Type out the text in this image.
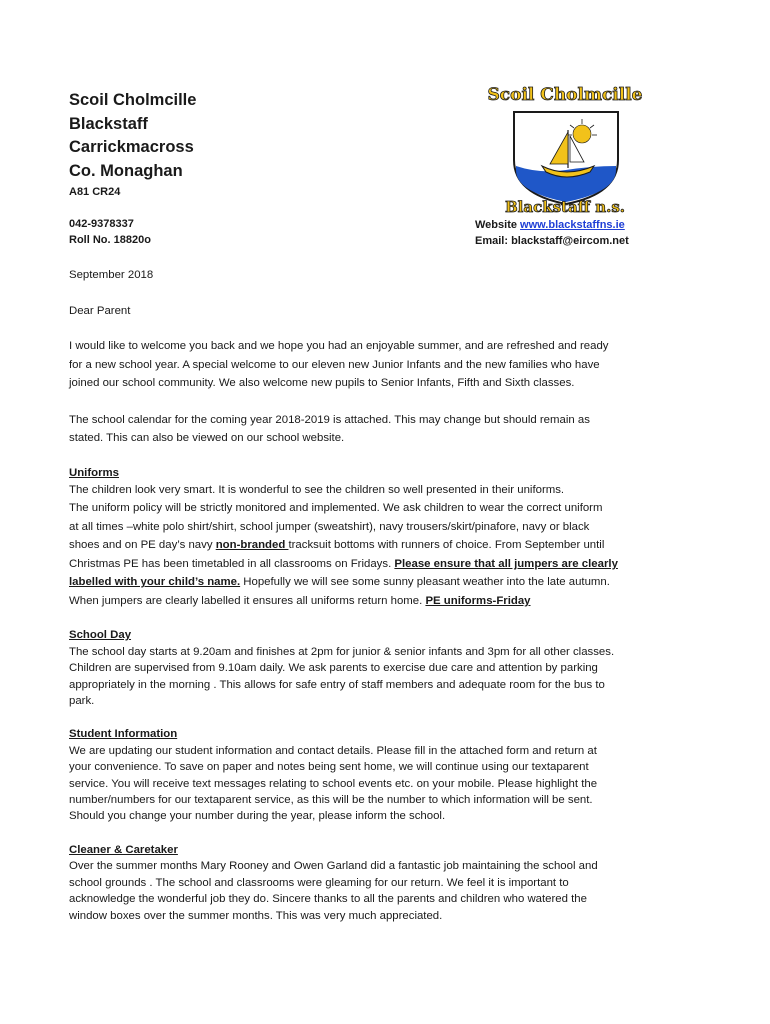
Scoil Cholmcille
Blackstaff
Carrickmacross
Co. Monaghan
A81 CR24
042-9378337
Roll No. 18820o
Scoil Cholmcille
Blackstaff n.s.
Website www.blackstaffns.ie
Email: blackstaff@eircom.net
September 2018
Dear Parent
I would like to welcome you back and we hope you had an enjoyable summer, and are refreshed and ready
for a new school year. A special welcome to our eleven new Junior Infants and the new families who have
joined our school community. We also welcome new pupils to Senior Infants, Fifth and Sixth classes.
The school calendar for the coming year 2018-2019 is attached. This may change but should remain as
stated. This can also be viewed on our school website.
Uniforms
The children look very smart. It is wonderful to see the children so well presented in their uniforms.
The uniform policy will be strictly monitored and implemented. We ask children to wear the correct uniform
at all times –white polo shirt/shirt, school jumper (sweatshirt), navy trousers/skirt/pinafore, navy or black
shoes and on PE day’s navy non-branded tracksuit bottoms with runners of choice. From September until
Christmas PE has been timetabled in all classrooms on Fridays. Please ensure that all jumpers are clearly
labelled with your child’s name. Hopefully we will see some sunny pleasant weather into the late autumn.
When jumpers are clearly labelled it ensures all uniforms return home. PE uniforms-Friday
School Day
The school day starts at 9.20am and finishes at 2pm for junior & senior infants and 3pm for all other classes.
Children are supervised from 9.10am daily. We ask parents to exercise due care and attention by parking
appropriately in the morning . This allows for safe entry of staff members and adequate room for the bus to
park.
Student Information
We are updating our student information and contact details. Please fill in the attached form and return at
your convenience. To save on paper and notes being sent home, we will continue using our textaparent
service. You will receive text messages relating to school events etc. on your mobile. Please highlight the
number/numbers for our textaparent service, as this will be the number to which information will be sent.
Should you change your number during the year, please inform the school.
Cleaner & Caretaker
Over the summer months Mary Rooney and Owen Garland did a fantastic job maintaining the school and
school grounds . The school and classrooms were gleaming for our return. We feel it is important to
acknowledge the wonderful job they do. Sincere thanks to all the parents and children who watered the
window boxes over the summer months. This was very much appreciated.
